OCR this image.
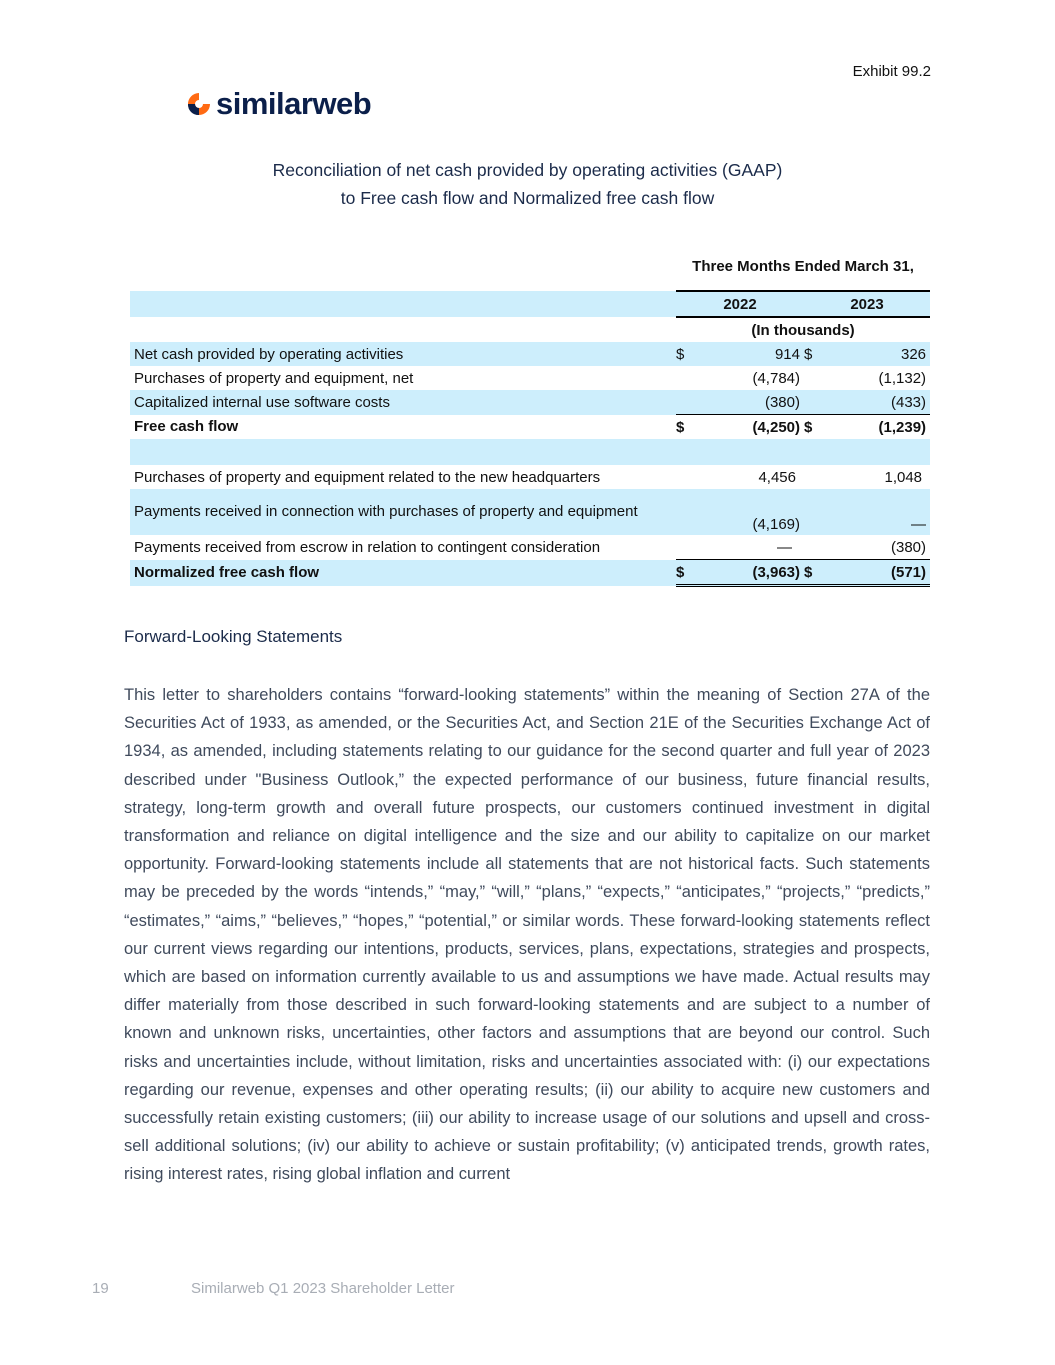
Exhibit 99.2
similarweb
Reconciliation of net cash provided by operating activities (GAAP)
to Free cash flow and Normalized free cash flow
	Three Months Ended March 31,			
	2022		2023	
	(In thousands)			
Net cash provided by operating activities	$	914	$	326
Purchases of property and equipment, net		(4,784)		(1,132)
Capitalized internal use software costs		(380)		(433)
Free cash flow	$	(4,250)	$	(1,239)

Purchases of property and equipment related to the new headquarters		4,456		1,048
Payments received in connection with purchases of property and equipment		(4,169)		—
Payments received from escrow in relation to contingent consideration		—		(380)
Normalized free cash flow	$	(3,963)	$	(571)
Forward-Looking Statements
This letter to shareholders contains “forward-looking statements” within the meaning of Section 27A of the Securities Act of 1933, as amended, or the Securities Act, and Section 21E of the Securities Exchange Act of 1934, as amended, including statements relating to our guidance for the second quarter and full year of 2023 described under "Business Outlook,” the expected performance of our business, future financial results, strategy, long-term growth and overall future prospects, our customers continued investment in digital transformation and reliance on digital intelligence and the size and our ability to capitalize on our market opportunity. Forward-looking statements include all statements that are not historical facts. Such statements may be preceded by the words “intends,” “may,” “will,” “plans,” “expects,” “anticipates,” “projects,” “predicts,” “estimates,” “aims,” “believes,” “hopes,” “potential,” or similar words. These forward-looking statements reflect our current views regarding our intentions, products, services, plans, expectations, strategies and prospects, which are based on information currently available to us and assumptions we have made. Actual results may differ materially from those described in such forward-looking statements and are subject to a number of known and unknown risks, uncertainties, other factors and assumptions that are beyond our control. Such risks and uncertainties include, without limitation, risks and uncertainties associated with: (i) our expectations regarding our revenue, expenses and other operating results; (ii) our ability to acquire new customers and successfully retain existing customers; (iii) our ability to increase usage of our solutions and upsell and cross-sell additional solutions; (iv) our ability to achieve or sustain profitability; (v) anticipated trends, growth rates, rising interest rates, rising global inflation and current
19	Similarweb Q1 2023 Shareholder Letter
